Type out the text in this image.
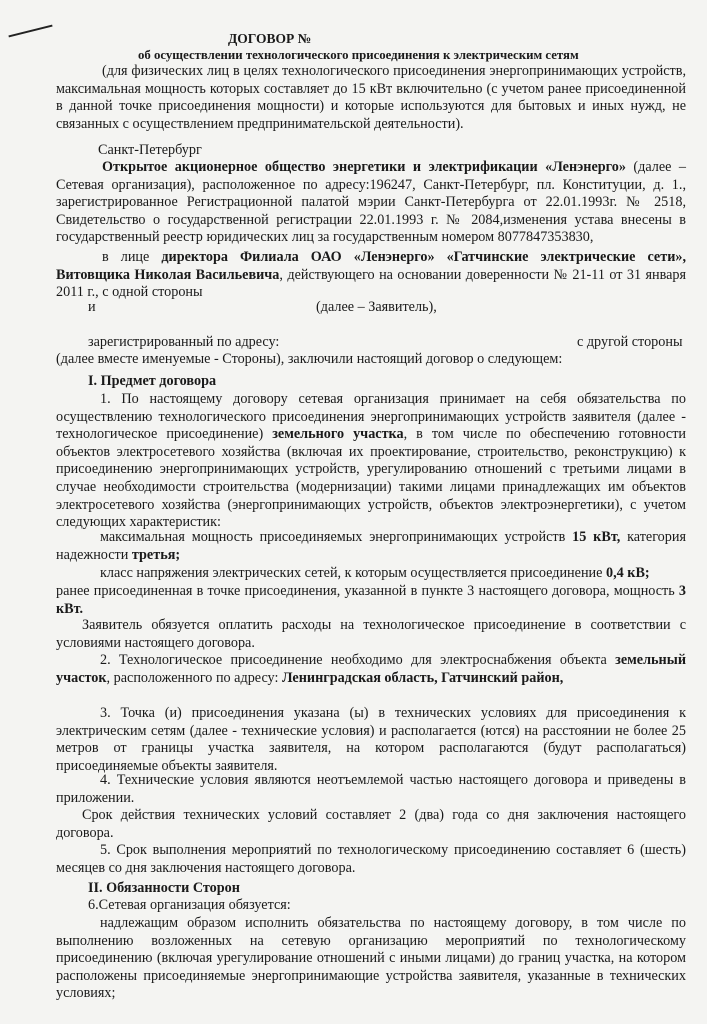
ДОГОВОР №
об осуществлении технологического присоединения к электрическим сетям
(для физических лиц в целях технологического присоединения энергопринимающих устройств, максимальная мощность которых составляет до 15 кВт включительно (с учетом ранее присоединенной в данной точке присоединения мощности) и которые используются для бытовых и иных нужд, не связанных с осуществлением предпринимательской деятельности).
Санкт-Петербург
Открытое акционерное общество энергетики и электрификации «Ленэнерго» (далее – Сетевая организация), расположенное по адресу:196247, Санкт-Петербург, пл. Конституции, д. 1., зарегистрированное Регистрационной палатой мэрии Санкт-Петербурга от 22.01.1993г. № 2518, Свидетельство о государственной регистрации 22.01.1993 г. № 2084,изменения устава внесены в государственный реестр юридических лиц за государственным номером 8077847353830,
в лице директора Филиала ОАО «Ленэнерго» «Гатчинские электрические сети», Витовщика Николая Васильевича, действующего на основании доверенности № 21-11 от 31 января 2011 г., с одной стороны
и	(далее – Заявитель),
зарегистрированный по адресу:	с другой стороны
(далее вместе именуемые - Стороны), заключили настоящий договор о следующем:
I. Предмет договора
1. По настоящему договору сетевая организация принимает на себя обязательства по осуществлению технологического присоединения энергопринимающих устройств заявителя (далее - технологическое присоединение) земельного участка, в том числе по обеспечению готовности объектов электросетевого хозяйства (включая их проектирование, строительство, реконструкцию) к присоединению энергопринимающих устройств, урегулированию отношений с третьими лицами в случае необходимости строительства (модернизации) такими лицами принадлежащих им объектов электросетевого хозяйства (энергопринимающих устройств, объектов электроэнергетики), с учетом следующих характеристик:
максимальная мощность присоединяемых энергопринимающих устройств 15 кВт, категория надежности третья;
класс напряжения электрических сетей, к которым осуществляется присоединение 0,4 кВ;
ранее присоединенная в точке присоединения, указанной в пункте 3 настоящего договора, мощность 3 кВт.
Заявитель обязуется оплатить расходы на технологическое присоединение в соответствии с условиями настоящего договора.
2. Технологическое присоединение необходимо для электроснабжения объекта земельный участок, расположенного по адресу: Ленинградская область, Гатчинский район,
3. Точка (и) присоединения указана (ы) в технических условиях для присоединения к электрическим сетям (далее - технические условия) и располагается (ются) на расстоянии не более 25 метров от границы участка заявителя, на котором располагаются (будут располагаться) присоединяемые объекты заявителя.
4. Технические условия являются неотъемлемой частью настоящего договора и приведены в приложении.
Срок действия технических условий составляет 2 (два) года со дня заключения настоящего договора.
5. Срок выполнения мероприятий по технологическому присоединению составляет 6 (шесть) месяцев со дня заключения настоящего договора.
II. Обязанности Сторон
6.Сетевая организация обязуется:
надлежащим образом исполнить обязательства по настоящему договору, в том числе по выполнению возложенных на сетевую организацию мероприятий по технологическому присоединению (включая урегулирование отношений с иными лицами) до границ участка, на котором расположены присоединяемые энергопринимающие устройства заявителя, указанные в технических условиях;
